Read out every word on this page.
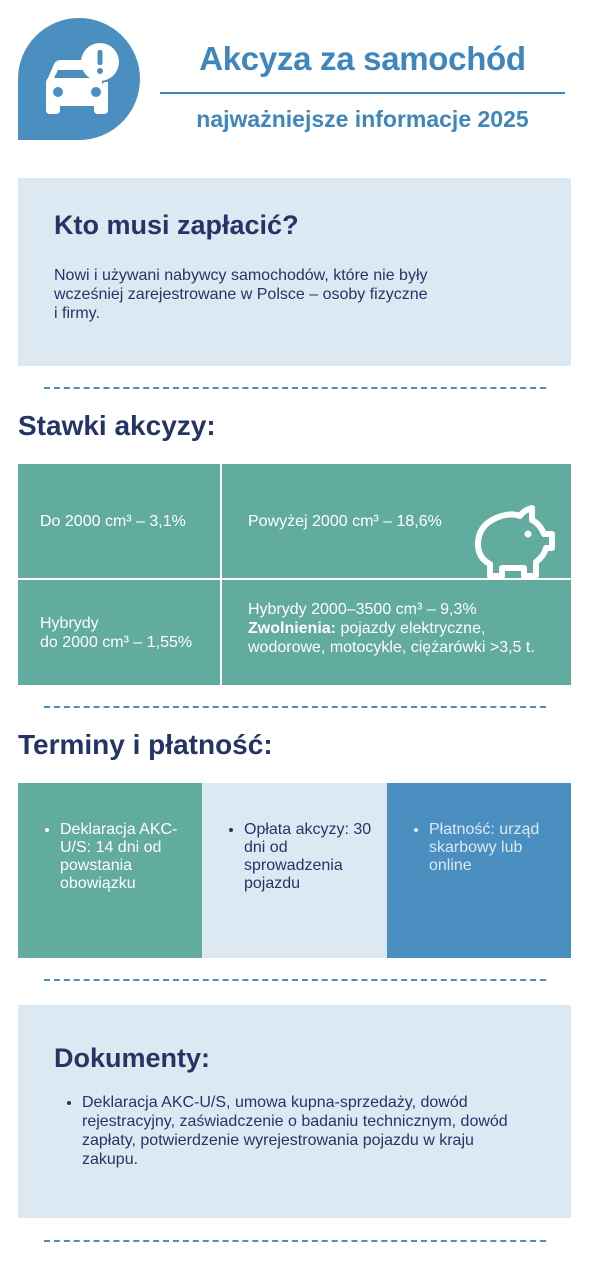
Akcyza za samochód
najważniejsze informacje 2025
Kto musi zapłacić?
Nowi i używani nabywcy samochodów, które nie były wcześniej zarejestrowane w Polsce – osoby fizyczne i firmy.
Stawki akcyzy:
Do 2000 cm³ – 3,1%	Powyżej 2000 cm³ – 18,6%
Hybrydy
do 2000 cm³ – 1,55%
Hybrydy 2000–3500 cm³ – 9,3%
Zwolnienia: pojazdy elektryczne, wodorowe, motocykle, ciężarówki >3,5 t.
Terminy i płatność:
• Deklaracja AKC-U/S: 14 dni od powstania obowiązku
• Opłata akcyzy: 30 dni od sprowadzenia pojazdu
• Płatność: urząd skarbowy lub online
Dokumenty:
• Deklaracja AKC-U/S, umowa kupna-sprzedaży, dowód rejestracyjny, zaświadczenie o badaniu technicznym, dowód zapłaty, potwierdzenie wyrejestrowania pojazdu w kraju zakupu.
